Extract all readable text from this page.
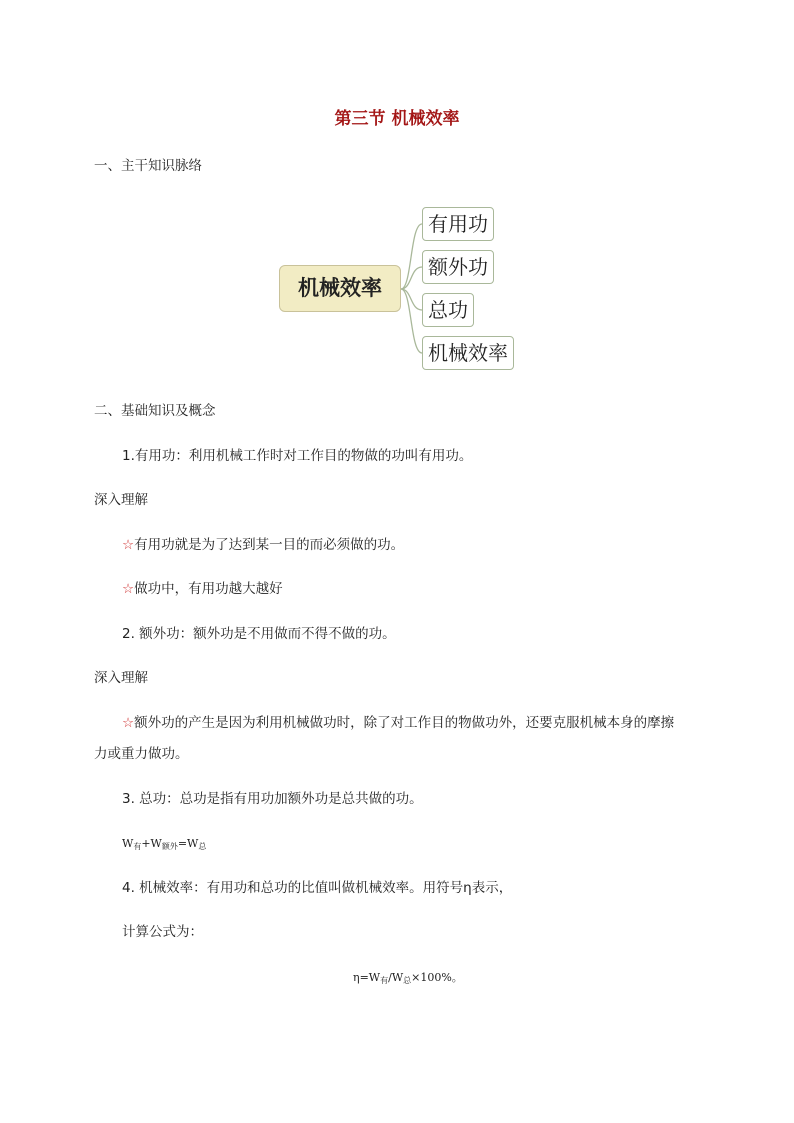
第三节 机械效率
一、主干知识脉络
机械效率
有用功
额外功
总功
机械效率
二、基础知识及概念
1.有用功：利用机械工作时对工作目的物做的功叫有用功。
深入理解
☆有用功就是为了达到某一目的而必须做的功。
☆做功中，有用功越大越好
2. 额外功：额外功是不用做而不得不做的功。
深入理解
☆额外功的产生是因为利用机械做功时，除了对工作目的物做功外，还要克服机械本身的摩擦
力或重力做功。
3. 总功：总功是指有用功加额外功是总共做的功。
$W_有+W_{额外}=W_总$
4. 机械效率：有用功和总功的比值叫做机械效率。用符号η表示，
计算公式为：
$\eta=W_有/W_总\times 100\%$。
